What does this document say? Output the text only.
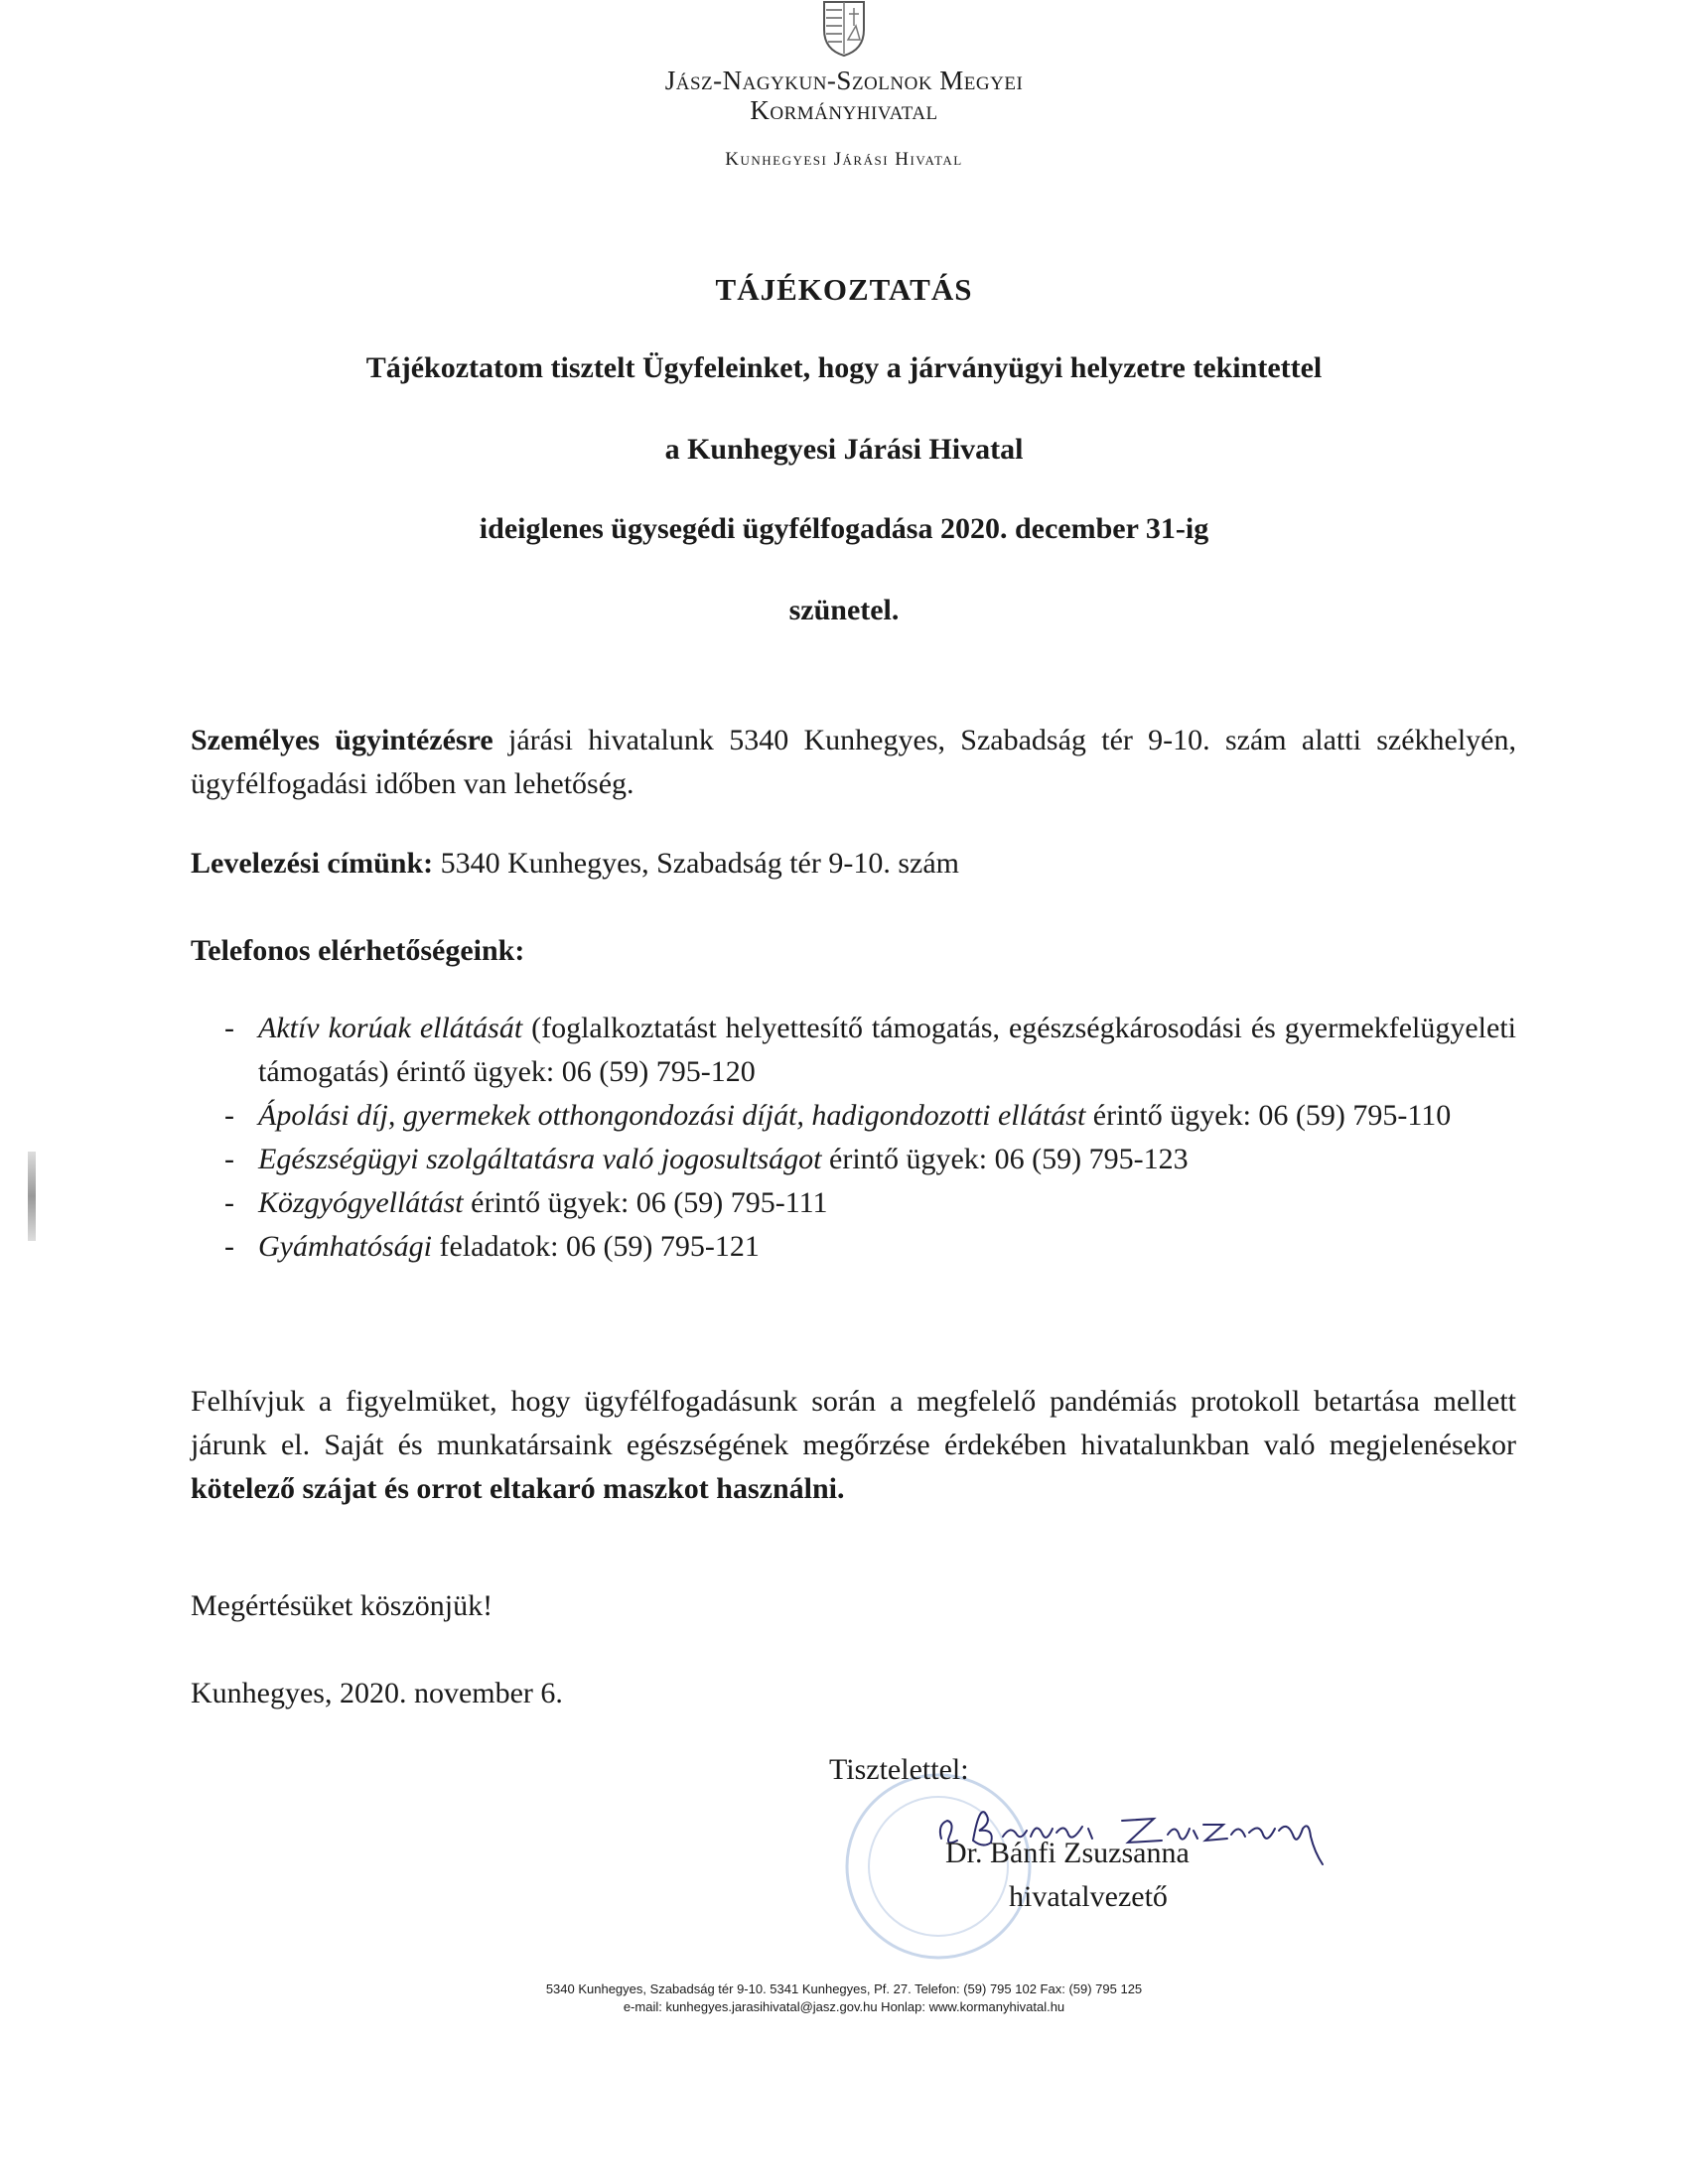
Jász-Nagykun-Szolnok Megyei
Kormányhivatal
Kunhegyesi Járási Hivatal
TÁJÉKOZTATÁS
Tájékoztatom tisztelt Ügyfeleinket, hogy a járványügyi helyzetre tekintettel
a Kunhegyesi Járási Hivatal
ideiglenes ügysegédi ügyfélfogadása 2020. december 31-ig
szünetel.
Személyes ügyintézésre járási hivatalunk 5340 Kunhegyes, Szabadság tér 9-10. szám alatti székhelyén, ügyfélfogadási időben van lehetőség.
Levelezési címünk: 5340 Kunhegyes, Szabadság tér 9-10. szám
Telefonos elérhetőségeink:
- Aktív korúak ellátását (foglalkoztatást helyettesítő támogatás, egészségkárosodási és gyermekfelügyeleti támogatás) érintő ügyek: 06 (59) 795-120
- Ápolási díj, gyermekek otthongondozási díját, hadigondozotti ellátást érintő ügyek: 06 (59) 795-110
- Egészségügyi szolgáltatásra való jogosultságot érintő ügyek: 06 (59) 795-123
- Közgyógyellátást érintő ügyek: 06 (59) 795-111
- Gyámhatósági feladatok: 06 (59) 795-121
Felhívjuk a figyelmüket, hogy ügyfélfogadásunk során a megfelelő pandémiás protokoll betartása mellett járunk el. Saját és munkatársaink egészségének megőrzése érdekében hivatalunkban való megjelenésekor kötelező szájat és orrot eltakaró maszkot használni.
Megértésüket köszönjük!
Kunhegyes, 2020. november 6.
Tisztelettel:
Dr. Bánfi Zsuzsanna
hivatalvezető
5340 Kunhegyes, Szabadság tér 9-10. 5341 Kunhegyes, Pf. 27. Telefon: (59) 795 102 Fax: (59) 795 125
e-mail: kunhegyes.jarasihivatal@jasz.gov.hu Honlap: www.kormanyhivatal.hu
